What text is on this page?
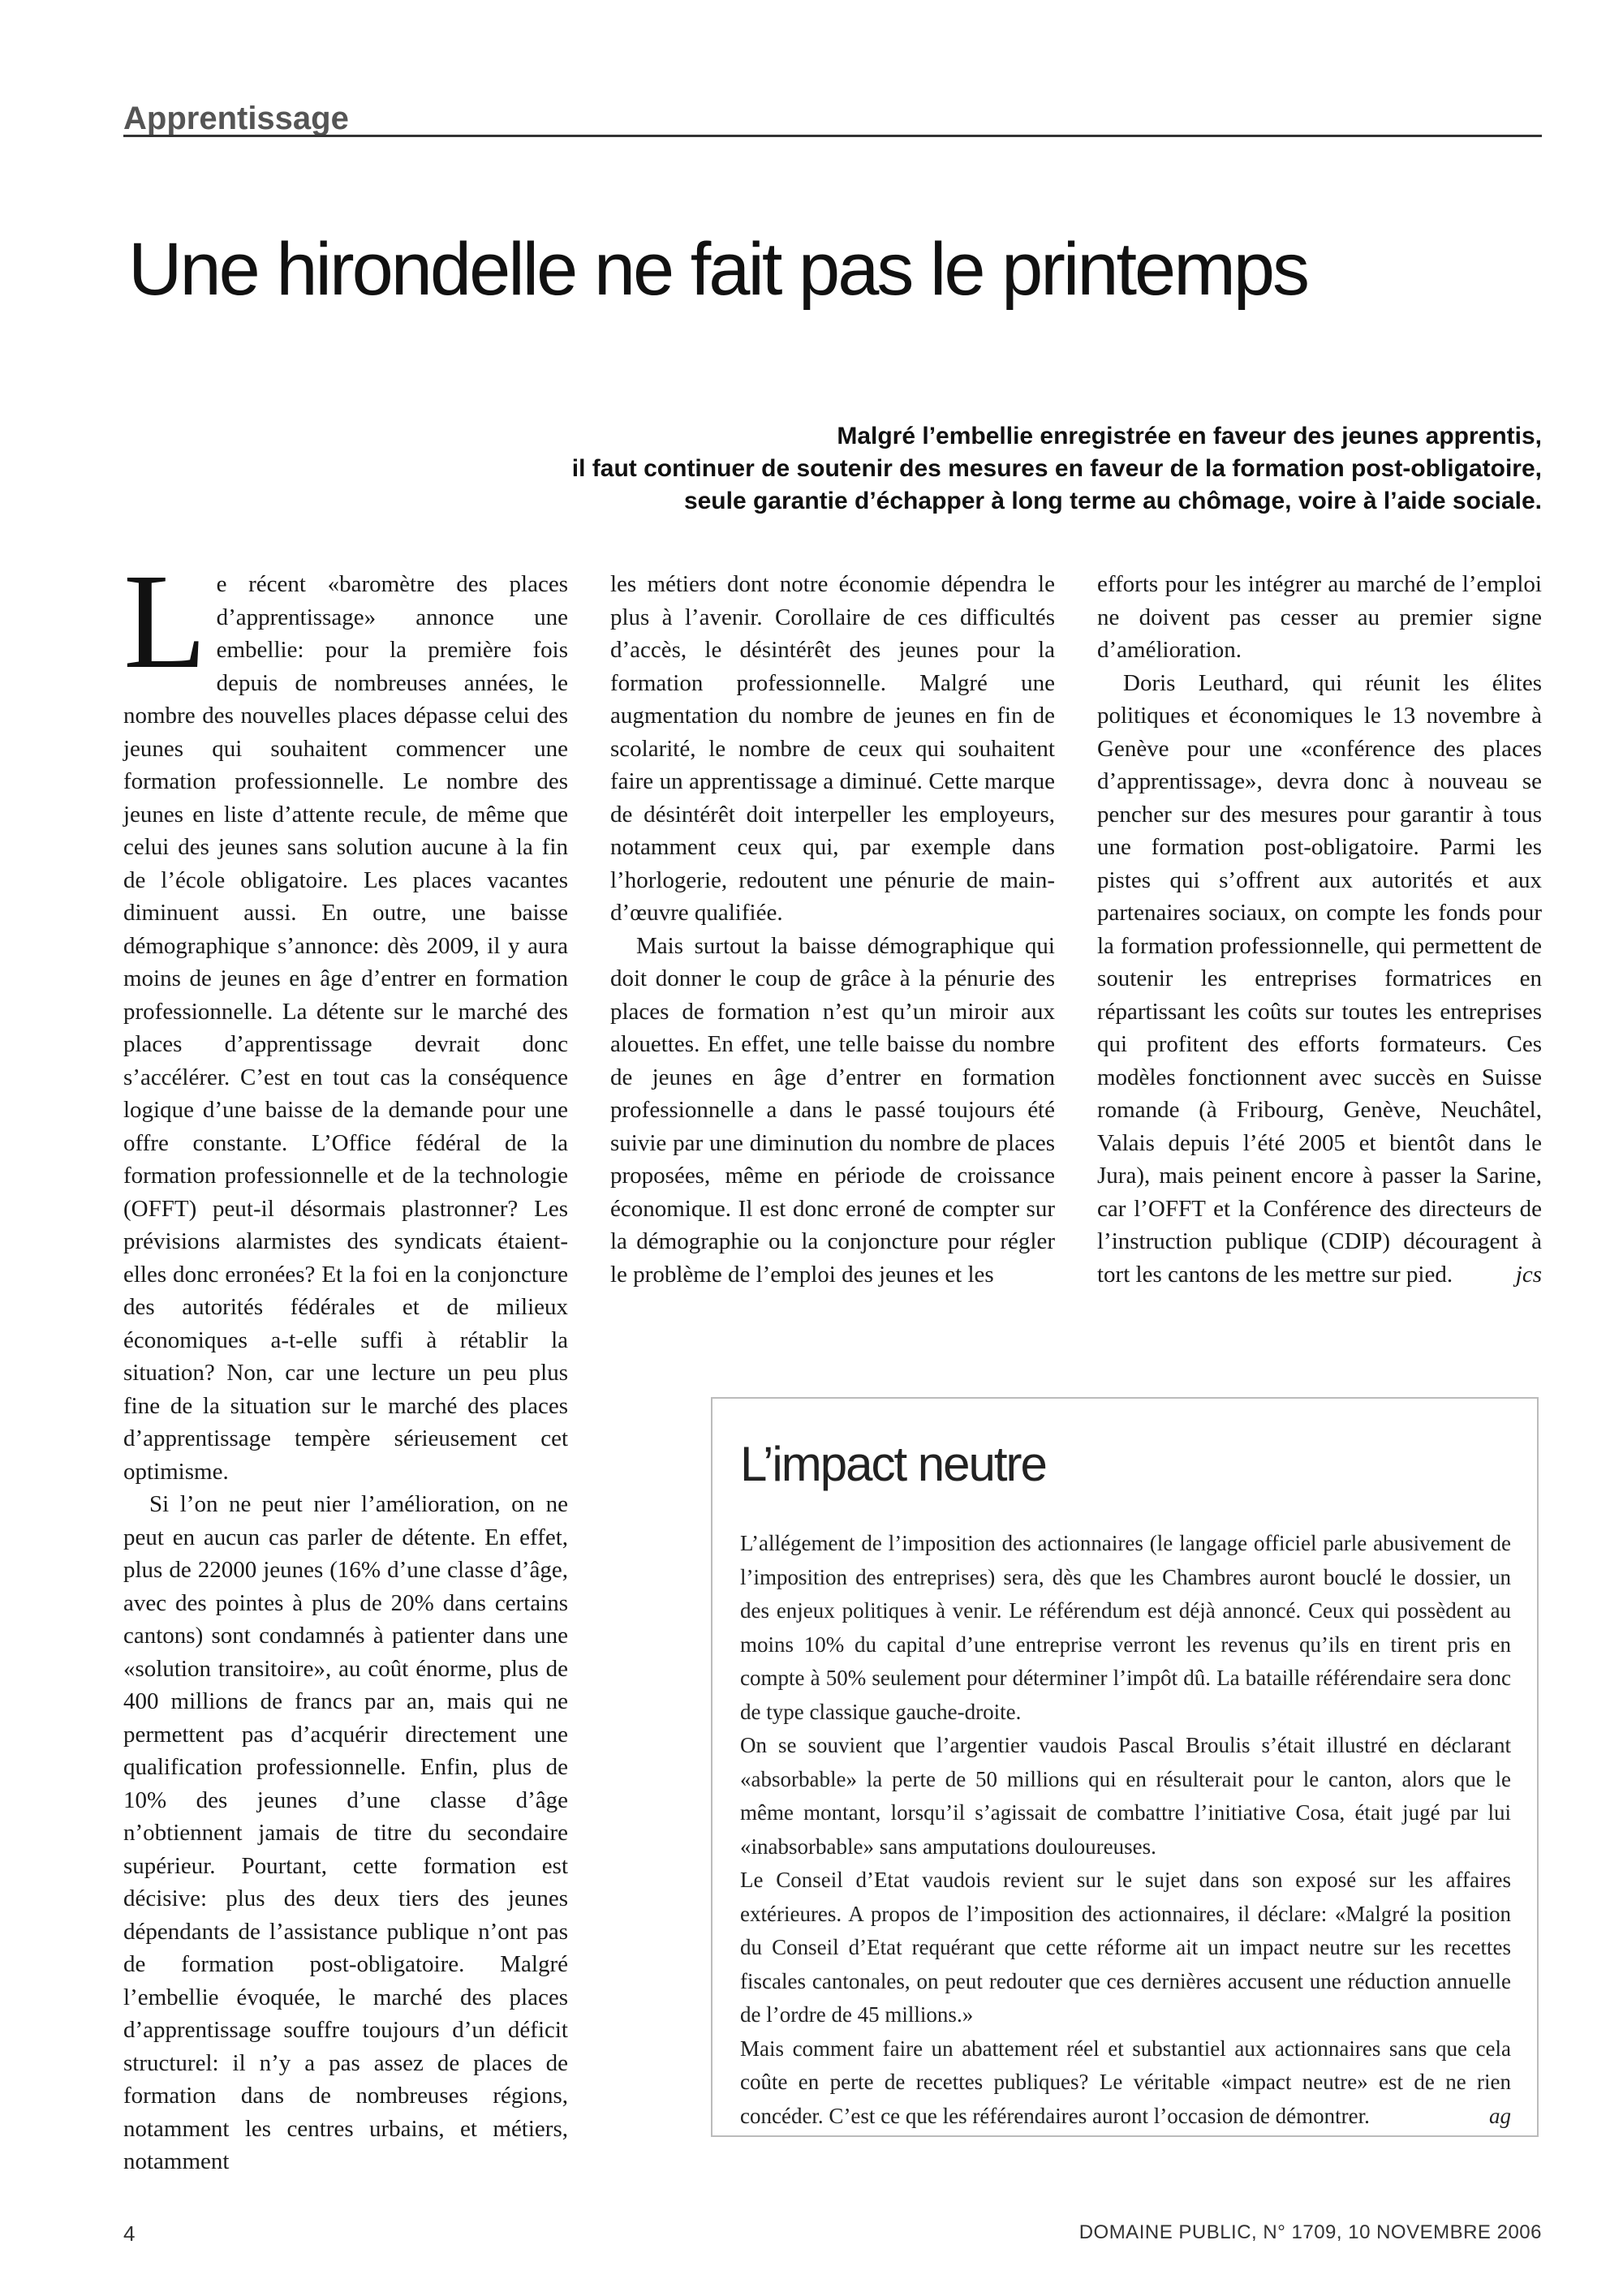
Apprentissage
Une hirondelle ne fait pas le printemps
Malgré l’embellie enregistrée en faveur des jeunes apprentis,
il faut continuer de soutenir des mesures en faveur de la formation post-obligatoire,
seule garantie d’échapper à long terme au chômage, voire à l’aide sociale.

Le récent «baromètre des places d’apprentissage» annonce une embellie: pour la première fois depuis de nombreuses années, le nombre des nouvelles places dépasse celui des jeunes qui souhaitent commencer une formation professionnelle. Le nombre des jeunes en liste d’attente recule, de même que celui des jeunes sans solution aucune à la fin de l’école obligatoire. Les places vacantes diminuent aussi. En outre, une baisse démographique s’annonce: dès 2009, il y aura moins de jeunes en âge d’entrer en formation professionnelle. La détente sur le marché des places d’apprentissage devrait donc s’accélérer. C’est en tout cas la conséquence logique d’une baisse de la demande pour une offre constante. L’Office fédéral de la formation professionnelle et de la technologie (OFFT) peut-il désormais plastronner? Les prévisions alarmistes des syndicats étaient-elles donc erronées? Et la foi en la conjoncture des autorités fédérales et de milieux économiques a-t-elle suffi à rétablir la situation? Non, car une lecture un peu plus fine de la situation sur le marché des places d’apprentissage tempère sérieusement cet optimisme.

Si l’on ne peut nier l’amélioration, on ne peut en aucun cas parler de détente. En effet, plus de 22000 jeunes (16% d’une classe d’âge, avec des pointes à plus de 20% dans certains cantons) sont condamnés à patienter dans une «solution transitoire», au coût énorme, plus de 400 millions de francs par an, mais qui ne permettent pas d’acquérir directement une qualification professionnelle. Enfin, plus de 10% des jeunes d’une classe d’âge n’obtiennent jamais de titre du secondaire supérieur. Pourtant, cette formation est décisive: plus des deux tiers des jeunes dépendants de l’assistance publique n’ont pas de formation post-obligatoire. Malgré l’embellie évoquée, le marché des places d’apprentissage souffre toujours d’un déficit structurel: il n’y a pas assez de places de formation dans de nombreuses régions, notamment les centres urbains, et métiers, notamment

les métiers dont notre économie dépendra le plus à l’avenir. Corollaire de ces difficultés d’accès, le désintérêt des jeunes pour la formation professionnelle. Malgré une augmentation du nombre de jeunes en fin de scolarité, le nombre de ceux qui souhaitent faire un apprentissage a diminué. Cette marque de désintérêt doit interpeller les employeurs, notamment ceux qui, par exemple dans l’horlogerie, redoutent une pénurie de main-d’œuvre qualifiée.

Mais surtout la baisse démographique qui doit donner le coup de grâce à la pénurie des places de formation n’est qu’un miroir aux alouettes. En effet, une telle baisse du nombre de jeunes en âge d’entrer en formation professionnelle a dans le passé toujours été suivie par une diminution du nombre de places proposées, même en période de croissance économique. Il est donc erroné de compter sur la démographie ou la conjoncture pour régler le problème de l’emploi des jeunes et les

efforts pour les intégrer au marché de l’emploi ne doivent pas cesser au premier signe d’amélioration.

Doris Leuthard, qui réunit les élites politiques et économiques le 13 novembre à Genève pour une «conférence des places d’apprentissage», devra donc à nouveau se pencher sur des mesures pour garantir à tous une formation post-obligatoire. Parmi les pistes qui s’offrent aux autorités et aux partenaires sociaux, on compte les fonds pour la formation professionnelle, qui permettent de soutenir les entreprises formatrices en répartissant les coûts sur toutes les entreprises qui profitent des efforts formateurs. Ces modèles fonctionnent avec succès en Suisse romande (à Fribourg, Genève, Neuchâtel, Valais depuis l’été 2005 et bientôt dans le Jura), mais peinent encore à passer la Sarine, car l’OFFT et la Conférence des directeurs de l’instruction publique (CDIP) découragent à tort les cantons de les mettre sur pied.	jcs

L’impact neutre

L’allégement de l’imposition des actionnaires (le langage officiel parle abusivement de l’imposition des entreprises) sera, dès que les Chambres auront bouclé le dossier, un des enjeux politiques à venir. Le référendum est déjà annoncé. Ceux qui possèdent au moins 10% du capital d’une entreprise verront les revenus qu’ils en tirent pris en compte à 50% seulement pour déterminer l’impôt dû. La bataille référendaire sera donc de type classique gauche-droite.

On se souvient que l’argentier vaudois Pascal Broulis s’était illustré en déclarant «absorbable» la perte de 50 millions qui en résulterait pour le canton, alors que le même montant, lorsqu’il s’agissait de combattre l’initiative Cosa, était jugé par lui «inabsorbable» sans amputations douloureuses.

Le Conseil d’Etat vaudois revient sur le sujet dans son exposé sur les affaires extérieures. A propos de l’imposition des actionnaires, il déclare: «Malgré la position du Conseil d’Etat requérant que cette réforme ait un impact neutre sur les recettes fiscales cantonales, on peut redouter que ces dernières accusent une réduction annuelle de l’ordre de 45 millions.»

Mais comment faire un abattement réel et substantiel aux actionnaires sans que cela coûte en perte de recettes publiques? Le véritable «impact neutre» est de ne rien concéder. C’est ce que les référendaires auront l’occasion de démontrer.	ag

4	DOMAINE PUBLIC, N° 1709, 10 NOVEMBRE 2006
